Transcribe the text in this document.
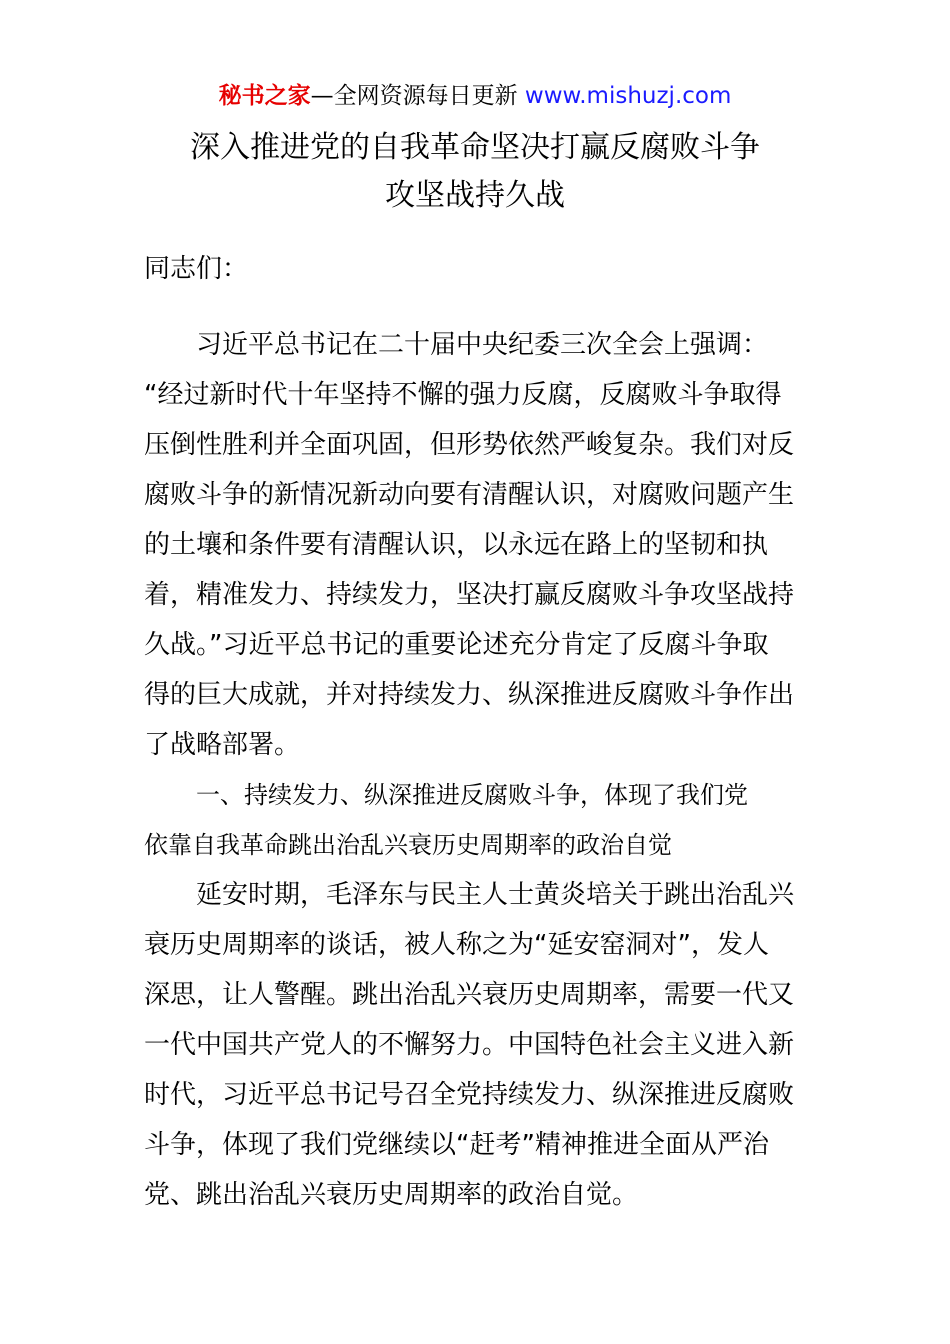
秘书之家—全网资源每日更新 www.mishuzj.com
深入推进党的自我革命坚决打赢反腐败斗争
攻坚战持久战
同志们：
习近平总书记在二十届中央纪委三次全会上强调：
“经过新时代十年坚持不懈的强力反腐，反腐败斗争取得
压倒性胜利并全面巩固，但形势依然严峻复杂。我们对反
腐败斗争的新情况新动向要有清醒认识，对腐败问题产生
的土壤和条件要有清醒认识，以永远在路上的坚韧和执
着，精准发力、持续发力，坚决打赢反腐败斗争攻坚战持
久战。”习近平总书记的重要论述充分肯定了反腐斗争取
得的巨大成就，并对持续发力、纵深推进反腐败斗争作出
了战略部署。
一、持续发力、纵深推进反腐败斗争，体现了我们党
依靠自我革命跳出治乱兴衰历史周期率的政治自觉
延安时期，毛泽东与民主人士黄炎培关于跳出治乱兴
衰历史周期率的谈话，被人称之为“延安窑洞对”，发人
深思，让人警醒。跳出治乱兴衰历史周期率，需要一代又
一代中国共产党人的不懈努力。中国特色社会主义进入新
时代，习近平总书记号召全党持续发力、纵深推进反腐败
斗争，体现了我们党继续以“赶考”精神推进全面从严治
党、跳出治乱兴衰历史周期率的政治自觉。
